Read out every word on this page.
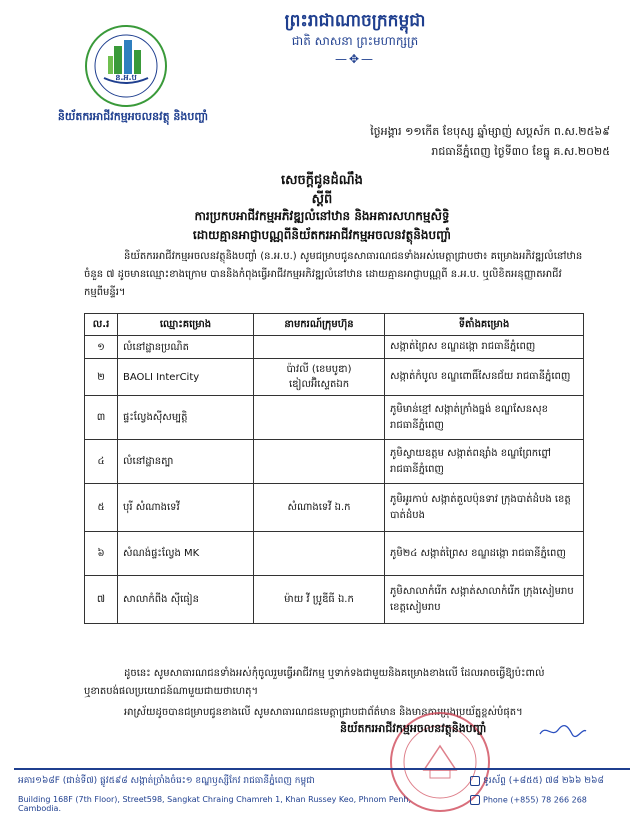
ព្រះរាជាណាចក្រកម្ពុជា
ជាតិ សាសនា ព្រះមហាក្សត្រ
—✥—
ន.អ.ប
និយ័តករអាជីវកម្មអចលនវត្ថុ និងបញ្ចាំ
ថ្ងៃអង្គារ ១១កើត ខែបុស្ស ឆ្នាំម្សាញ់ សប្តស័ក ព.ស.២៥៦៩
រាជធានីភ្នំពេញ ថ្ងៃទី៣០ ខែធ្នូ គ.ស.២០២៥
សេចក្តីជូនដំណឹង
ស្តីពី
ការប្រកបអាជីវកម្មអភិវឌ្ឍលំនៅឋាន និងអគារសហកម្មសិទ្ធិ
ដោយគ្មានអាជ្ញាបណ្ណពីនិយ័តករអាជីវកម្មអចលនវត្ថុនិងបញ្ចាំ
និយ័តករអាជីវកម្មអចលនវត្ថុនិងបញ្ចាំ (ន.អ.ប.) សូមជម្រាបជូនសាធារណជនទាំងអស់មេត្តាជ្រាបថា៖ គម្រោងអភិវឌ្ឍលំនៅឋានចំនួន ៧ ដូចមានឈ្មោះខាងក្រោម បាននិងកំពុងធ្វើអាជីវកម្មអភិវឌ្ឍលំនៅឋាន ដោយគ្មានអាជ្ញាបណ្ណពី ន.អ.ប. ឬលិខិតអនុញ្ញាតអាជីវកម្មពីមន្ទីរ។
ល.រ	ឈ្មោះគម្រោង	នាមករណ៍ក្រុមហ៊ុន	ទីតាំងគម្រោង
១	លំនៅដ្ឋានប្រណិត		សង្កាត់ព្រៃស ខណ្ឌដង្កោ រាជធានីភ្នំពេញ
២	BAOLI InterCity	ប៉ាវលី (ខេមបូឌា) ឌៀលអ៊ិស្ទេតឯក	សង្កាត់កំបូល ខណ្ឌពោធិ៍សែនជ័យ រាជធានីភ្នំពេញ
៣	ផ្ទះល្វែងស៊ីសម្បត្តិ		ភូមិមាន់ខ្មៅ សង្កាត់ក្រាំងធ្នង់ ខណ្ឌសែនសុខ រាជធានីភ្នំពេញ
៤	លំនៅដ្ឋានត្បា		ភូមិស្វាយឧត្តម សង្កាត់ពន្សាំង ខណ្ឌព្រែកព្នៅ រាជធានីភ្នំពេញ
៥	បុរី សំណាងទេវី	សំណាងទេវី ឯ.ក	ភូមិអូរកាប់ សង្កាត់តួលប៉ុនទាវ ក្រុងបាត់ដំបង ខេត្តបាត់ដំបង
៦	សំណង់ផ្ទះល្វែង MK		ភូមិ២៤ សង្កាត់ព្រៃស ខណ្ឌដង្កោ រាជធានីភ្នំពេញ
៧	សាលាកំពីង ស៊ីធៀន	ម៉ាយ វី ប្រូឌីធី ឯ.ក	ភូមិសាលាកំរើក សង្កាត់សាលាកំរើក ក្រុងសៀមរាប ខេត្តសៀមរាប
ដូចនេះ សូមសាធារណជនទាំងអស់កុំចូលរួមធ្វើអាជីវកម្ម ឬទាក់ទងជាមួយនិងគម្រោងខាងលើ ដែលអាចធ្វើឱ្យប៉ះពាល់ ឬខាតបង់ផលប្រយោជន៍ណាមួយជាយថាហេតុ។
អាស្រ័យដូចបានជម្រាបជូនខាងលើ សូមសាធារណជនមេត្តាជ្រាបជាព័ត៌មាន និងមានការប្រុងប្រយ័ត្នខ្ពស់បំផុត។
និយ័តករអាជីវកម្មអចលនវត្ថុនិងបញ្ចាំ
អគារ១៦៨F (ជាន់ទី៧) ផ្លូវ៥៩៨ សង្កាត់ច្រាំងចំរេះ១ ខណ្ឌឫស្សីកែវ រាជធានីភ្នំពេញ កម្ពុជា
Building 168F (7th Floor), Street598, Sangkat Chraing Chamreh 1, Khan Russey Keo, Phnom Penh, Cambodia.
ទូរស័ព្ទ (+៨៥៥) ៧៨ ២៦៦ ២៦៨
Phone (+855) 78 266 268
